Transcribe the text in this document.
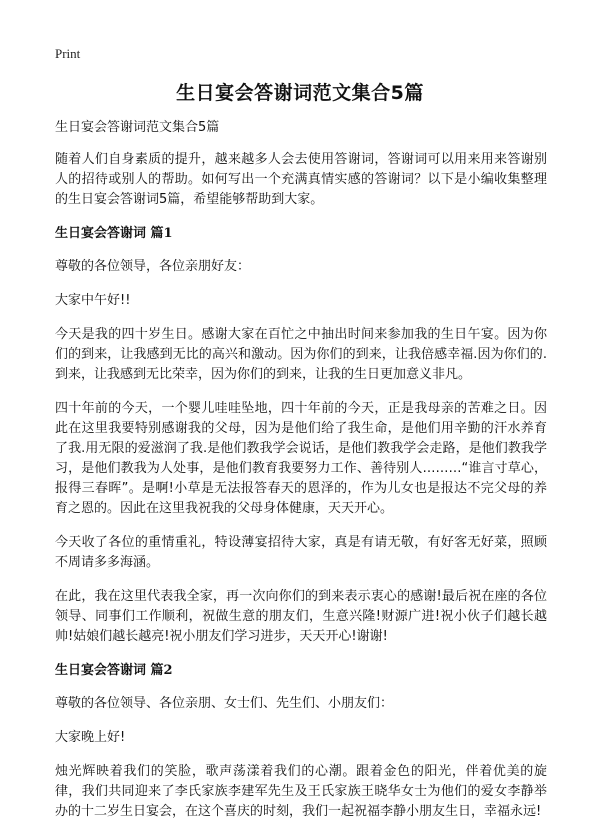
Print
生日宴会答谢词范文集合5篇

生日宴会答谢词范文集合5篇

随着人们自身素质的提升，越来越多人会去使用答谢词，答谢词可以用来用来答谢别人的招待或别人的帮助。如何写出一个充满真情实感的答谢词？以下是小编收集整理的生日宴会答谢词5篇，希望能够帮助到大家。

生日宴会答谢词 篇1

尊敬的各位领导，各位亲朋好友：

大家中午好!!

今天是我的四十岁生日。感谢大家在百忙之中抽出时间来参加我的生日午宴。因为你们的到来，让我感到无比的高兴和激动。因为你们的到来，让我倍感幸福.因为你们的.到来，让我感到无比荣幸，因为你们的到来，让我的生日更加意义非凡。

四十年前的今天，一个婴儿哇哇坠地，四十年前的今天，正是我母亲的苦难之日。因此在这里我要特别感谢我的父母，因为是他们给了我生命，是他们用辛勤的汗水养育了我.用无限的爱滋润了我.是他们教我学会说话，是他们教我学会走路，是他们教我学习，是他们教我为人处事，是他们教育我要努力工作、善待别人………“谁言寸草心，报得三春晖”。是啊!小草是无法报答春天的恩泽的，作为儿女也是报达不完父母的养育之恩的。因此在这里我祝我的父母身体健康，天天开心。

今天收了各位的重情重礼，特设薄宴招待大家，真是有请无敬，有好客无好菜，照顾不周请多多海涵。

在此，我在这里代表我全家，再一次向你们的到来表示衷心的感谢!最后祝在座的各位领导、同事们工作顺利，祝做生意的朋友们，生意兴隆!财源广进!祝小伙子们越长越帅!姑娘们越长越亮!祝小朋友们学习进步，天天开心!谢谢!

生日宴会答谢词 篇2

尊敬的各位领导、各位亲朋、女士们、先生们、小朋友们：

大家晚上好!

烛光辉映着我们的笑脸，歌声荡漾着我们的心潮。跟着金色的阳光，伴着优美的旋律，我们共同迎来了李氏家族李建军先生及王氏家族王晓华女士为他们的爱女李静举办的十二岁生日宴会，在这个喜庆的时刻，我们一起祝福李静小朋友生日，幸福永远!
